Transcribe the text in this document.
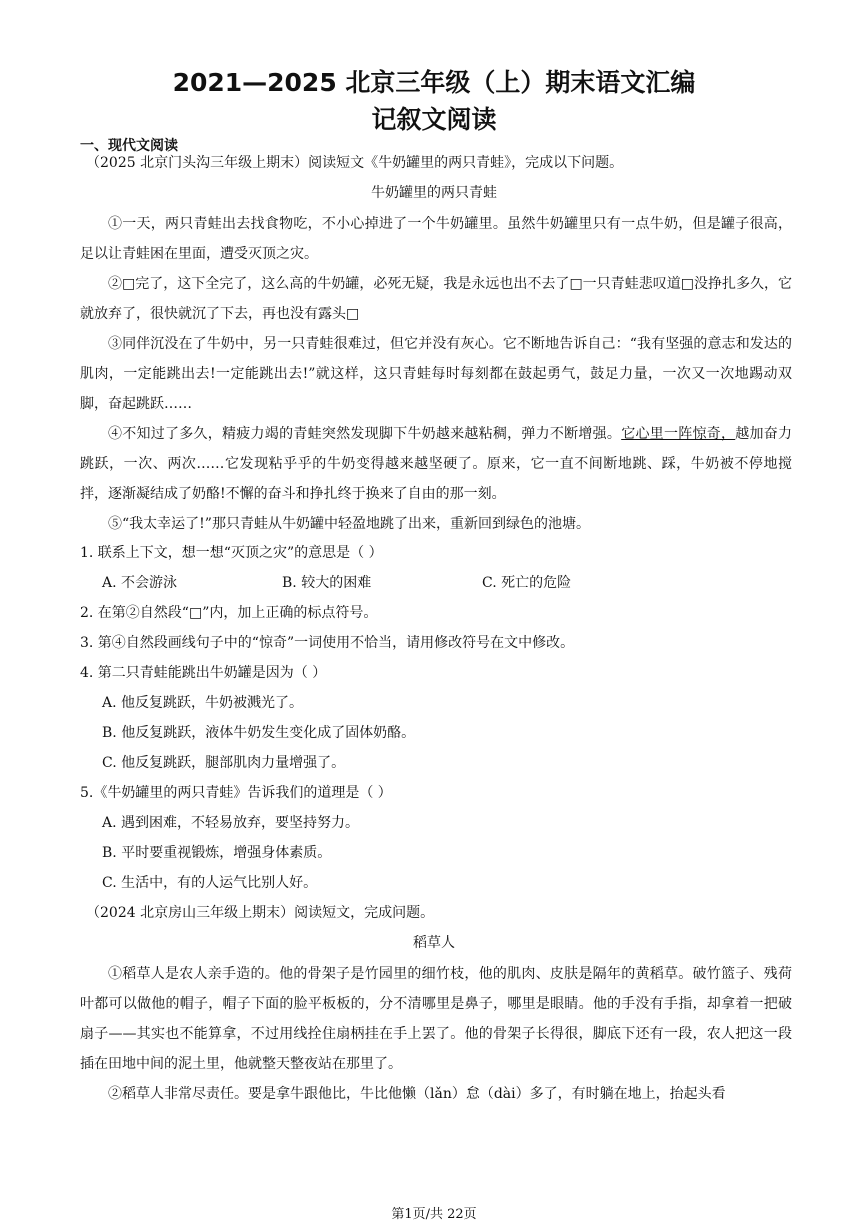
2021—2025 北京三年级（上）期末语文汇编
记叙文阅读
一、现代文阅读
（2025 北京门头沟三年级上期末）阅读短文《牛奶罐里的两只青蛙》，完成以下问题。
牛奶罐里的两只青蛙
①一天，两只青蛙出去找食物吃，不小心掉进了一个牛奶罐里。虽然牛奶罐里只有一点牛奶，但是罐子很高，足以让青蛙困在里面，遭受灭顶之灾。
②□完了，这下全完了，这么高的牛奶罐，必死无疑，我是永远也出不去了□一只青蛙悲叹道□没挣扎多久，它就放弃了，很快就沉了下去，再也没有露头□
③同伴沉没在了牛奶中，另一只青蛙很难过，但它并没有灰心。它不断地告诉自己：“我有坚强的意志和发达的肌肉，一定能跳出去!一定能跳出去!”就这样，这只青蛙每时每刻都在鼓起勇气，鼓足力量，一次又一次地踢动双脚，奋起跳跃……
④不知过了多久，精疲力竭的青蛙突然发现脚下牛奶越来越粘稠，弹力不断增强。它心里一阵惊奇，越加奋力跳跃，一次、两次……它发现粘乎乎的牛奶变得越来越坚硬了。原来，它一直不间断地跳、踩，牛奶被不停地搅拌，逐渐凝结成了奶酪!不懈的奋斗和挣扎终于换来了自由的那一刻。
⑤“我太幸运了!”那只青蛙从牛奶罐中轻盈地跳了出来，重新回到绿色的池塘。
1. 联系上下文，想一想“灭顶之灾”的意思是（ ）
A. 不会游泳	B. 较大的困难	C. 死亡的危险
2. 在第②自然段“□”内，加上正确的标点符号。
3. 第④自然段画线句子中的“惊奇”一词使用不恰当，请用修改符号在文中修改。
4. 第二只青蛙能跳出牛奶罐是因为（ ）
A. 他反复跳跃，牛奶被溅光了。
B. 他反复跳跃，液体牛奶发生变化成了固体奶酪。
C. 他反复跳跃，腿部肌肉力量增强了。
5.《牛奶罐里的两只青蛙》告诉我们的道理是（ ）
A. 遇到困难，不轻易放弃，要坚持努力。
B. 平时要重视锻炼，增强身体素质。
C. 生活中，有的人运气比别人好。
（2024 北京房山三年级上期末）阅读短文，完成问题。
稻草人
①稻草人是农人亲手造的。他的骨架子是竹园里的细竹枝，他的肌肉、皮肤是隔年的黄稻草。破竹篮子、残荷叶都可以做他的帽子，帽子下面的脸平板板的，分不清哪里是鼻子，哪里是眼睛。他的手没有手指，却拿着一把破扇子——其实也不能算拿，不过用线拴住扇柄挂在手上罢了。他的骨架子长得很，脚底下还有一段，农人把这一段插在田地中间的泥土里，他就整天整夜站在那里了。
②稻草人非常尽责任。要是拿牛跟他比，牛比他懒（lǎn）怠（dài）多了，有时躺在地上，抬起头看
第1页/共 22页
